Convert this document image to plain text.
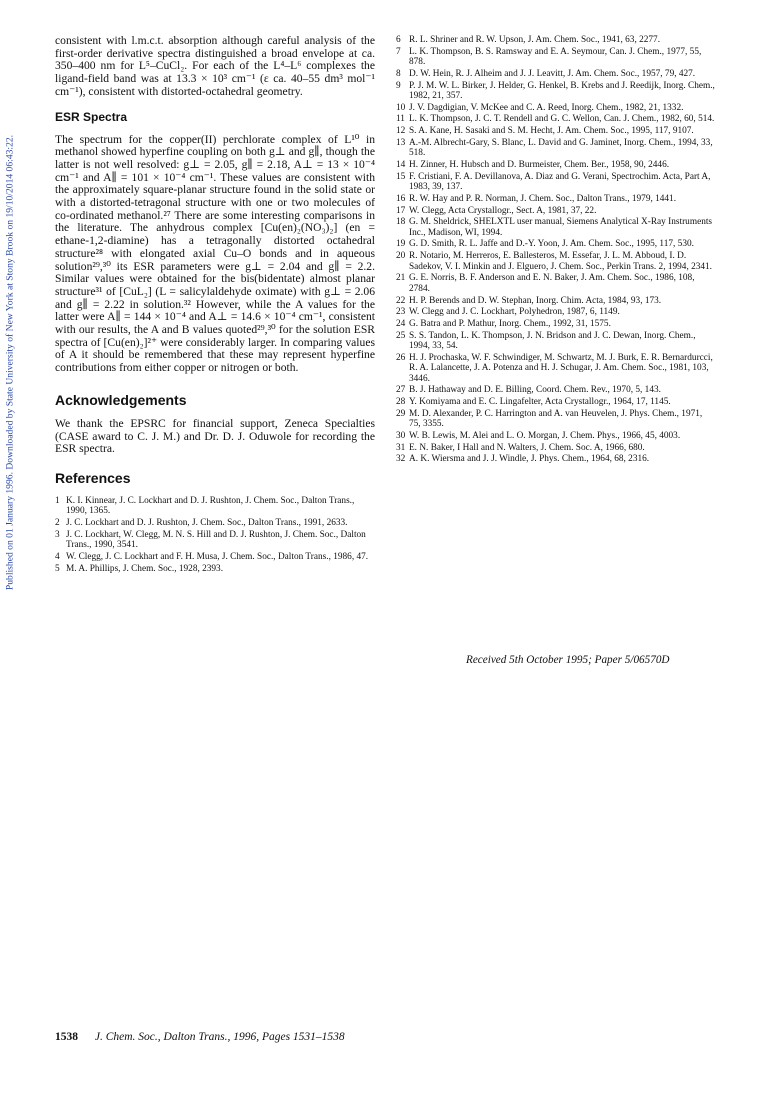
Published on 01 January 1996. Downloaded by State University of New York at Stony Brook on 19/10/2014 06:43:22.

consistent with l.m.c.t. absorption although careful analysis of the first-order derivative spectra distinguished a broad envelope at ca. 350–400 nm for L⁵–CuCl₂. For each of the L⁴–L⁶ complexes the ligand-field band was at 13.3 × 10³ cm⁻¹ (ε ca. 40–55 dm³ mol⁻¹ cm⁻¹), consistent with distorted-octahedral geometry.

ESR Spectra

The spectrum for the copper(II) perchlorate complex of L¹⁰ in methanol showed hyperfine coupling on both g⊥ and g∥, though the latter is not well resolved: g⊥ = 2.05, g∥ = 2.18, A⊥ = 13 × 10⁻⁴ cm⁻¹ and A∥ = 101 × 10⁻⁴ cm⁻¹. These values are consistent with the approximately square-planar structure found in the solid state or with a distorted-tetragonal structure with one or two molecules of co-ordinated methanol.²⁷ There are some interesting comparisons in the literature. The anhydrous complex [Cu(en)₂(NO₃)₂] (en = ethane-1,2-diamine) has a tetragonally distorted octahedral structure²⁸ with elongated axial Cu–O bonds and in aqueous solution²⁹,³⁰ its ESR parameters were g⊥ = 2.04 and g∥ = 2.2. Similar values were obtained for the bis(bidentate) almost planar structure³¹ of [CuL₂] (L = salicylaldehyde oximate) with g⊥ = 2.06 and g∥ = 2.22 in solution.³² However, while the A values for the latter were A∥ = 144 × 10⁻⁴ and A⊥ = 14.6 × 10⁻⁴ cm⁻¹, consistent with our results, the A and B values quoted²⁹,³⁰ for the solution ESR spectra of [Cu(en)₂]²⁺ were considerably larger. In comparing values of A it should be remembered that these may represent hyperfine contributions from either copper or nitrogen or both.

Acknowledgements

We thank the EPSRC for financial support, Zeneca Specialties (CASE award to C. J. M.) and Dr. D. J. Oduwole for recording the ESR spectra.

References
1 K. I. Kinnear, J. C. Lockhart and D. J. Rushton, J. Chem. Soc., Dalton Trans., 1990, 1365.
2 J. C. Lockhart and D. J. Rushton, J. Chem. Soc., Dalton Trans., 1991, 2633.
3 J. C. Lockhart, W. Clegg, M. N. S. Hill and D. J. Rushton, J. Chem. Soc., Dalton Trans., 1990, 3541.
4 W. Clegg, J. C. Lockhart and F. H. Musa, J. Chem. Soc., Dalton Trans., 1986, 47.
5 M. A. Phillips, J. Chem. Soc., 1928, 2393.
6 R. L. Shriner and R. W. Upson, J. Am. Chem. Soc., 1941, 63, 2277.
7 L. K. Thompson, B. S. Ramsway and E. A. Seymour, Can. J. Chem., 1977, 55, 878.
8 D. W. Hein, R. J. Alheim and J. J. Leavitt, J. Am. Chem. Soc., 1957, 79, 427.
9 P. J. M. W. L. Birker, J. Helder, G. Henkel, B. Krebs and J. Reedijk, Inorg. Chem., 1982, 21, 357.
10 J. V. Dagdigian, V. McKee and C. A. Reed, Inorg. Chem., 1982, 21, 1332.
11 L. K. Thompson, J. C. T. Rendell and G. C. Wellon, Can. J. Chem., 1982, 60, 514.
12 S. A. Kane, H. Sasaki and S. M. Hecht, J. Am. Chem. Soc., 1995, 117, 9107.
13 A.-M. Albrecht-Gary, S. Blanc, L. David and G. Jaminet, Inorg. Chem., 1994, 33, 518.
14 H. Zinner, H. Hubsch and D. Burmeister, Chem. Ber., 1958, 90, 2446.
15 F. Cristiani, F. A. Devillanova, A. Diaz and G. Verani, Spectrochim. Acta, Part A, 1983, 39, 137.
16 R. W. Hay and P. R. Norman, J. Chem. Soc., Dalton Trans., 1979, 1441.
17 W. Clegg, Acta Crystallogr., Sect. A, 1981, 37, 22.
18 G. M. Sheldrick, SHELXTL user manual, Siemens Analytical X-Ray Instruments Inc., Madison, WI, 1994.
19 G. D. Smith, R. L. Jaffe and D.-Y. Yoon, J. Am. Chem. Soc., 1995, 117, 530.
20 R. Notario, M. Herreros, E. Ballesteros, M. Essefar, J. L. M. Abboud, I. D. Sadekov, V. I. Minkin and J. Elguero, J. Chem. Soc., Perkin Trans. 2, 1994, 2341.
21 G. E. Norris, B. F. Anderson and E. N. Baker, J. Am. Chem. Soc., 1986, 108, 2784.
22 H. P. Berends and D. W. Stephan, Inorg. Chim. Acta, 1984, 93, 173.
23 W. Clegg and J. C. Lockhart, Polyhedron, 1987, 6, 1149.
24 G. Batra and P. Mathur, Inorg. Chem., 1992, 31, 1575.
25 S. S. Tandon, L. K. Thompson, J. N. Bridson and J. C. Dewan, Inorg. Chem., 1994, 33, 54.
26 H. J. Prochaska, W. F. Schwindiger, M. Schwartz, M. J. Burk, E. R. Bernardurcci, R. A. Lalancette, J. A. Potenza and H. J. Schugar, J. Am. Chem. Soc., 1981, 103, 3446.
27 B. J. Hathaway and D. E. Billing, Coord. Chem. Rev., 1970, 5, 143.
28 Y. Komiyama and E. C. Lingafelter, Acta Crystallogr., 1964, 17, 1145.
29 M. D. Alexander, P. C. Harrington and A. van Heuvelen, J. Phys. Chem., 1971, 75, 3355.
30 W. B. Lewis, M. Alei and L. O. Morgan, J. Chem. Phys., 1966, 45, 4003.
31 E. N. Baker, I Hall and N. Walters, J. Chem. Soc. A, 1966, 680.
32 A. K. Wiersma and J. J. Windle, J. Phys. Chem., 1964, 68, 2316.
Received 5th October 1995; Paper 5/06570D
1538 J. Chem. Soc., Dalton Trans., 1996, Pages 1531–1538
